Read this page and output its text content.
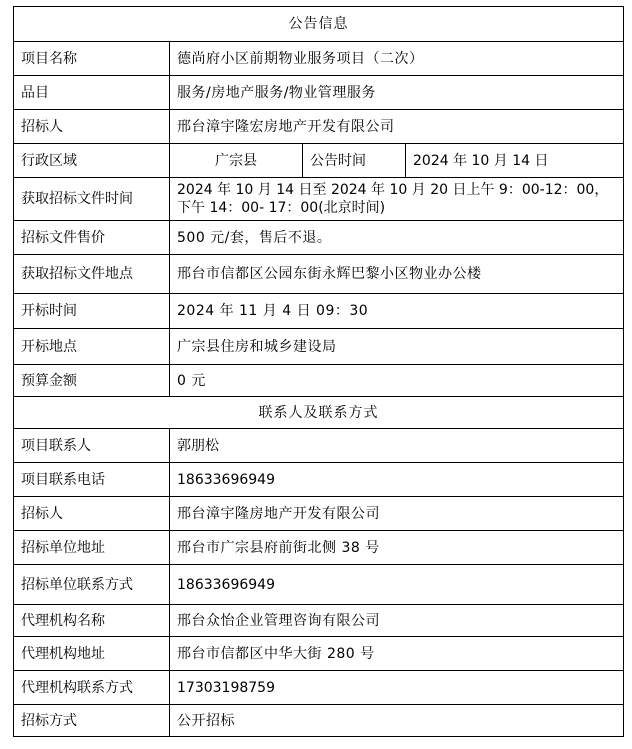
公告信息			
项目名称	德尚府小区前期物业服务项目（二次）		
品目	服务/房地产服务/物业管理服务		
招标人	邢台漳宇隆宏房地产开发有限公司		
行政区域	广宗县	公告时间	2024 年 10 月 14 日
获取招标文件时间	2024 年 10 月 14 日至 2024 年 10 月 20 日上午 9：00-12：00，下午 14：00- 17：00(北京时间)		
招标文件售价	500 元/套，售后不退。		
获取招标文件地点	邢台市信都区公园东街永辉巴黎小区物业办公楼		
开标时间	2024 年 11 月 4 日 09：30		
开标地点	广宗县住房和城乡建设局		
预算金额	0 元		
联系人及联系方式			
项目联系人	郭朋松		
项目联系电话	18633696949		
招标人	邢台漳宇隆房地产开发有限公司		
招标单位地址	邢台市广宗县府前街北侧 38 号		
招标单位联系方式	18633696949		
代理机构名称	邢台众怡企业管理咨询有限公司		
代理机构地址	邢台市信都区中华大街 280 号		
代理机构联系方式	17303198759		
招标方式	公开招标		
